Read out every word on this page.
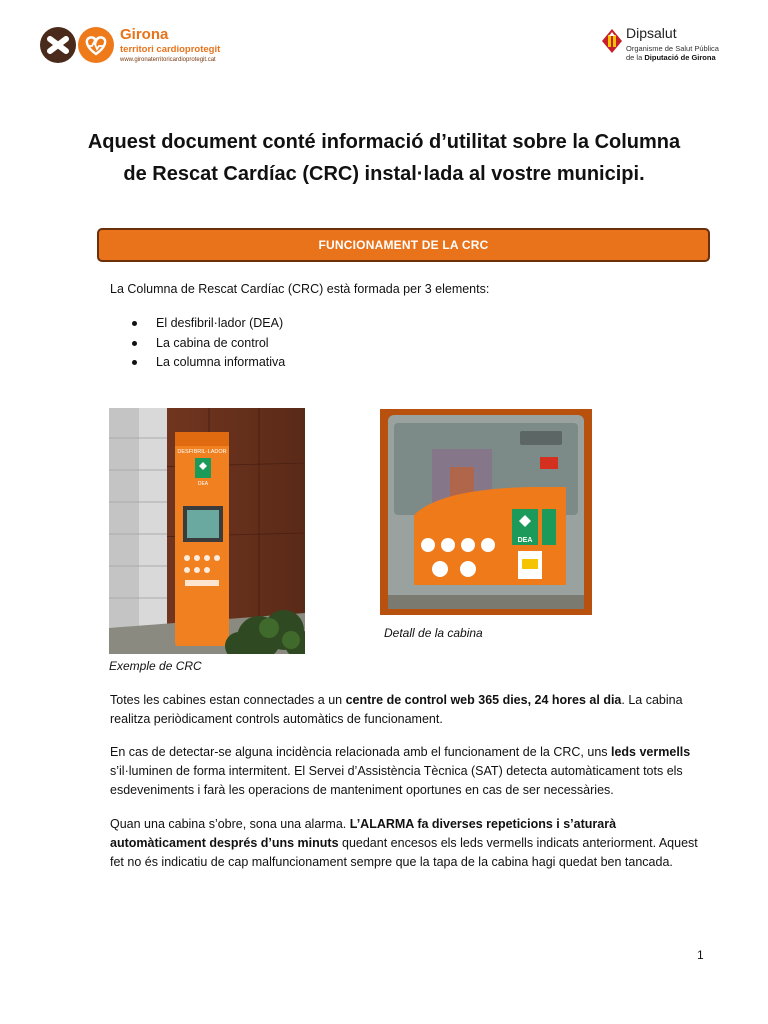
Girona
territori cardioprotegit
www.gironaterritoricardioprotegit.cat
Dipsalut
Organisme de Salut Pública
de la Diputació de Girona
Aquest document conté informació d’utilitat sobre la Columna
de Rescat Cardíac (CRC) instal·lada al vostre municipi.
FUNCIONAMENT DE LA CRC
La Columna de Rescat Cardíac (CRC) està formada per 3 elements:
El desfibril·lador (DEA)
La cabina de control
La columna informativa
DESFIBRIL·LADOR
DEA
Exemple de CRC
DEA
Detall de la cabina
Totes les cabines estan connectades a un centre de control web 365 dies, 24 hores al dia. La cabina realitza periòdicament controls automàtics de funcionament.
En cas de detectar-se alguna incidència relacionada amb el funcionament de la CRC, uns leds vermells s’il·luminen de forma intermitent. El Servei d’Assistència Tècnica (SAT) detecta automàticament tots els esdeveniments i farà les operacions de manteniment oportunes en cas de ser necessàries.
Quan una cabina s’obre, sona una alarma. L’ALARMA fa diverses repeticions i s’aturarà automàticament després d’uns minuts quedant encesos els leds vermells indicats anteriorment. Aquest fet no és indicatiu de cap malfuncionament sempre que la tapa de la cabina hagi quedat ben tancada.
1
